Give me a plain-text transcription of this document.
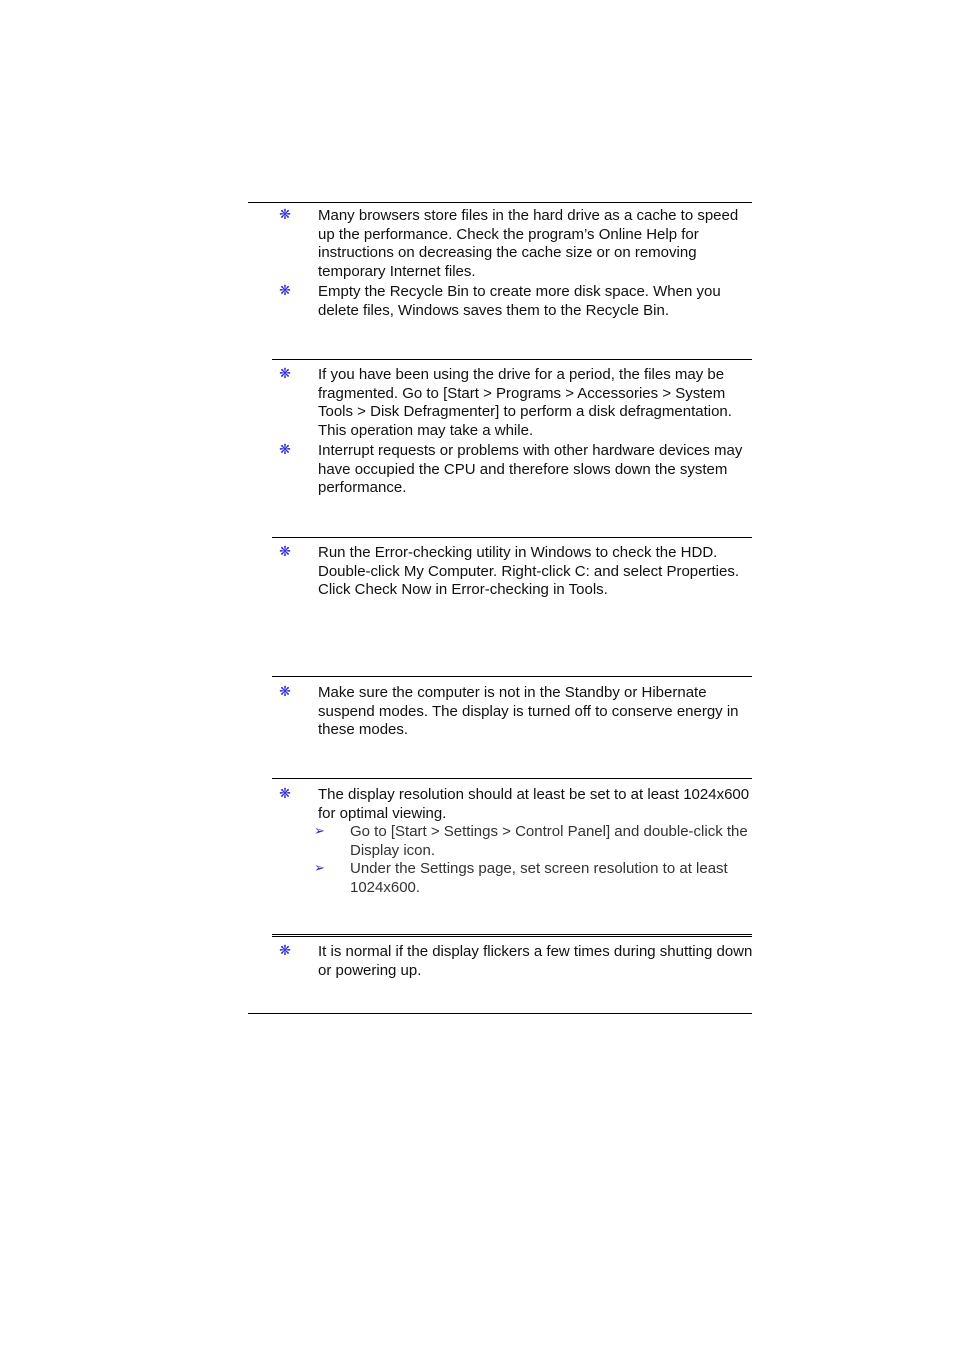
❋ Many browsers store files in the hard drive as a cache to speed up the performance. Check the program’s Online Help for instructions on decreasing the cache size or on removing temporary Internet files.
❋ Empty the Recycle Bin to create more disk space. When you delete files, Windows saves them to the Recycle Bin.
❋ If you have been using the drive for a period, the files may be fragmented. Go to [Start > Programs > Accessories > System Tools > Disk Defragmenter] to perform a disk defragmentation. This operation may take a while.
❋ Interrupt requests or problems with other hardware devices may have occupied the CPU and therefore slows down the system performance.
❋ Run the Error-checking utility in Windows to check the HDD. Double-click My Computer. Right-click C: and select Properties. Click Check Now in Error-checking in Tools.
❋ Make sure the computer is not in the Standby or Hibernate suspend modes. The display is turned off to conserve energy in these modes.
❋ The display resolution should at least be set to at least 1024x600 for optimal viewing.
➢ Go to [Start > Settings > Control Panel] and double-click the Display icon.
➢ Under the Settings page, set screen resolution to at least 1024x600.
❋ It is normal if the display flickers a few times during shutting down or powering up.
